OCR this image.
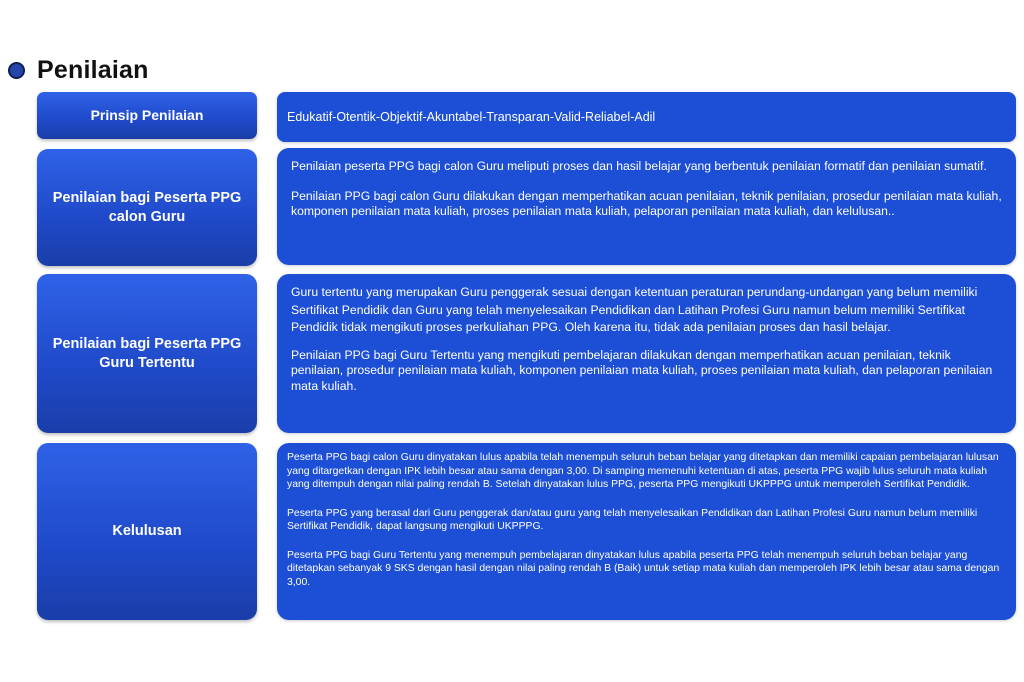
Penilaian
Prinsip Penilaian	Edukatif-Otentik-Objektif-Akuntabel-Transparan-Valid-Reliabel-Adil

Penilaian bagi Peserta PPG calon Guru

Penilaian peserta PPG bagi calon Guru meliputi proses dan hasil belajar yang berbentuk penilaian formatif dan penilaian sumatif.

Penilaian PPG bagi calon Guru dilakukan dengan memperhatikan acuan penilaian, teknik penilaian, prosedur penilaian mata kuliah, komponen penilaian mata kuliah, proses penilaian mata kuliah, pelaporan penilaian mata kuliah, dan kelulusan..

Penilaian bagi Peserta PPG Guru Tertentu

Guru tertentu yang merupakan Guru penggerak sesuai dengan ketentuan peraturan perundang-undangan yang belum memiliki Sertifikat Pendidik dan Guru yang telah menyelesaikan Pendidikan dan Latihan Profesi Guru namun belum memiliki Sertifikat Pendidik tidak mengikuti proses perkuliahan PPG. Oleh karena itu, tidak ada penilaian proses dan hasil belajar.

Penilaian PPG bagi Guru Tertentu yang mengikuti pembelajaran dilakukan dengan memperhatikan acuan penilaian, teknik penilaian, prosedur penilaian mata kuliah, komponen penilaian mata kuliah, proses penilaian mata kuliah, dan pelaporan penilaian mata kuliah.

Kelulusan

Peserta PPG bagi calon Guru dinyatakan lulus apabila telah menempuh seluruh beban belajar yang ditetapkan dan memiliki capaian pembelajaran lulusan yang ditargetkan dengan IPK lebih besar atau sama dengan 3,00. Di samping memenuhi ketentuan di atas, peserta PPG wajib lulus seluruh mata kuliah yang ditempuh dengan nilai paling rendah B. Setelah dinyatakan lulus PPG, peserta PPG mengikuti UKPPPG untuk memperoleh Sertifikat Pendidik.

Peserta PPG yang berasal dari Guru penggerak dan/atau guru yang telah menyelesaikan Pendidikan dan Latihan Profesi Guru namun belum memiliki Sertifikat Pendidik, dapat langsung mengikuti UKPPPG.

Peserta PPG bagi Guru Tertentu yang menempuh pembelajaran dinyatakan lulus apabila peserta PPG telah menempuh seluruh beban belajar yang ditetapkan sebanyak 9 SKS dengan hasil dengan nilai paling rendah B (Baik) untuk setiap mata kuliah dan memperoleh IPK lebih besar atau sama dengan 3,00.
